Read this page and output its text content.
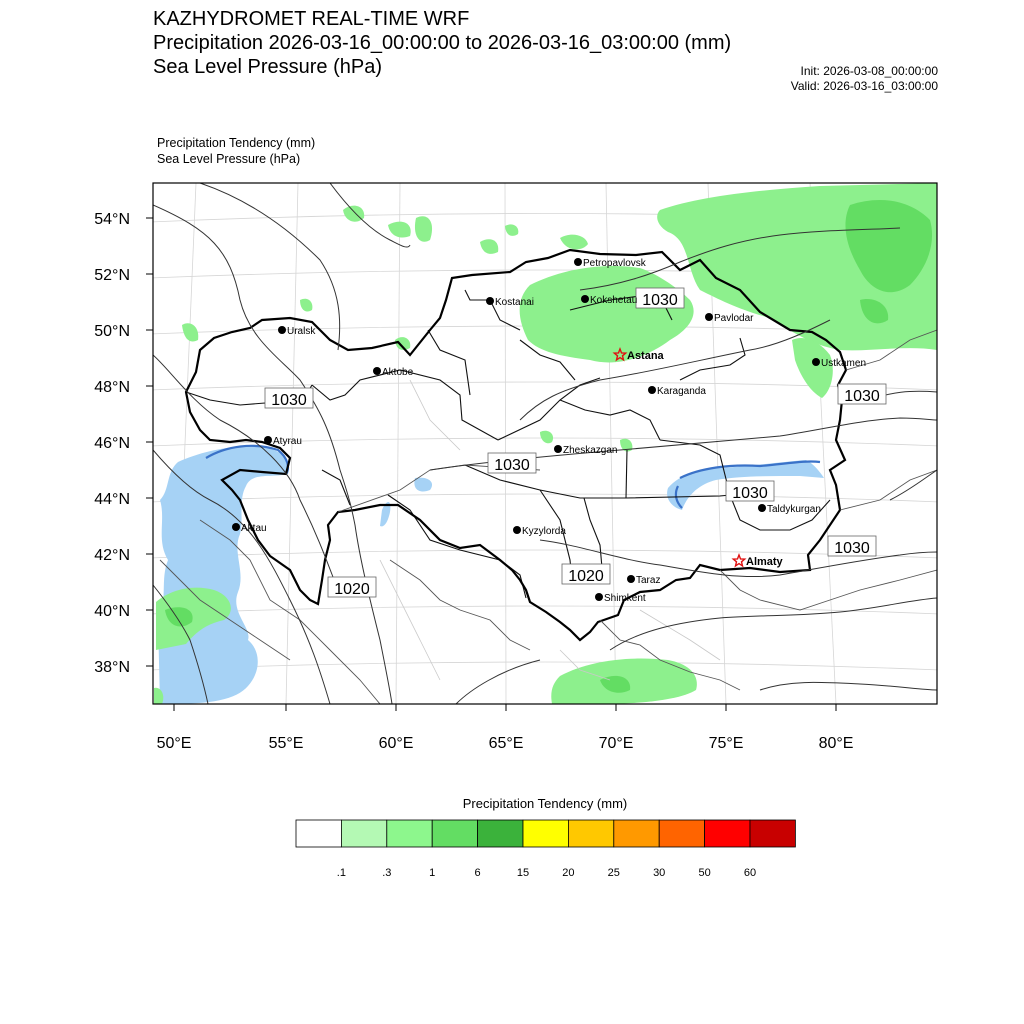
KAZHYDROMET REAL-TIME WRF
Precipitation 2026-03-16_00:00:00 to 2026-03-16_03:00:00 (mm)
Sea Level Pressure (hPa)	Init: 2026-03-08_00:00:00
Valid: 2026-03-16_03:00:00
Precipitation Tendency (mm)
Sea Level Pressure (hPa)
1030
1030	1030
1030
1030
1030
1020
1020
Petropavlovsk
Kostanai	Kokshetau
Pavlodar
Uralsk
Astana
Ustkamen
Aktobe
Karaganda
Atyrau
Zheskazgan
Aktau	Kyzylorda
Taldykurgan
Almaty
Taraz
Shimkent
54°N
52°N
50°N
48°N
46°N
44°N
42°N
40°N
38°N
50°E	55°E	60°E	65°E	70°E	75°E	80°E
Precipitation Tendency (mm)
.1	.3	1	6	15	20	25	30	50	60
